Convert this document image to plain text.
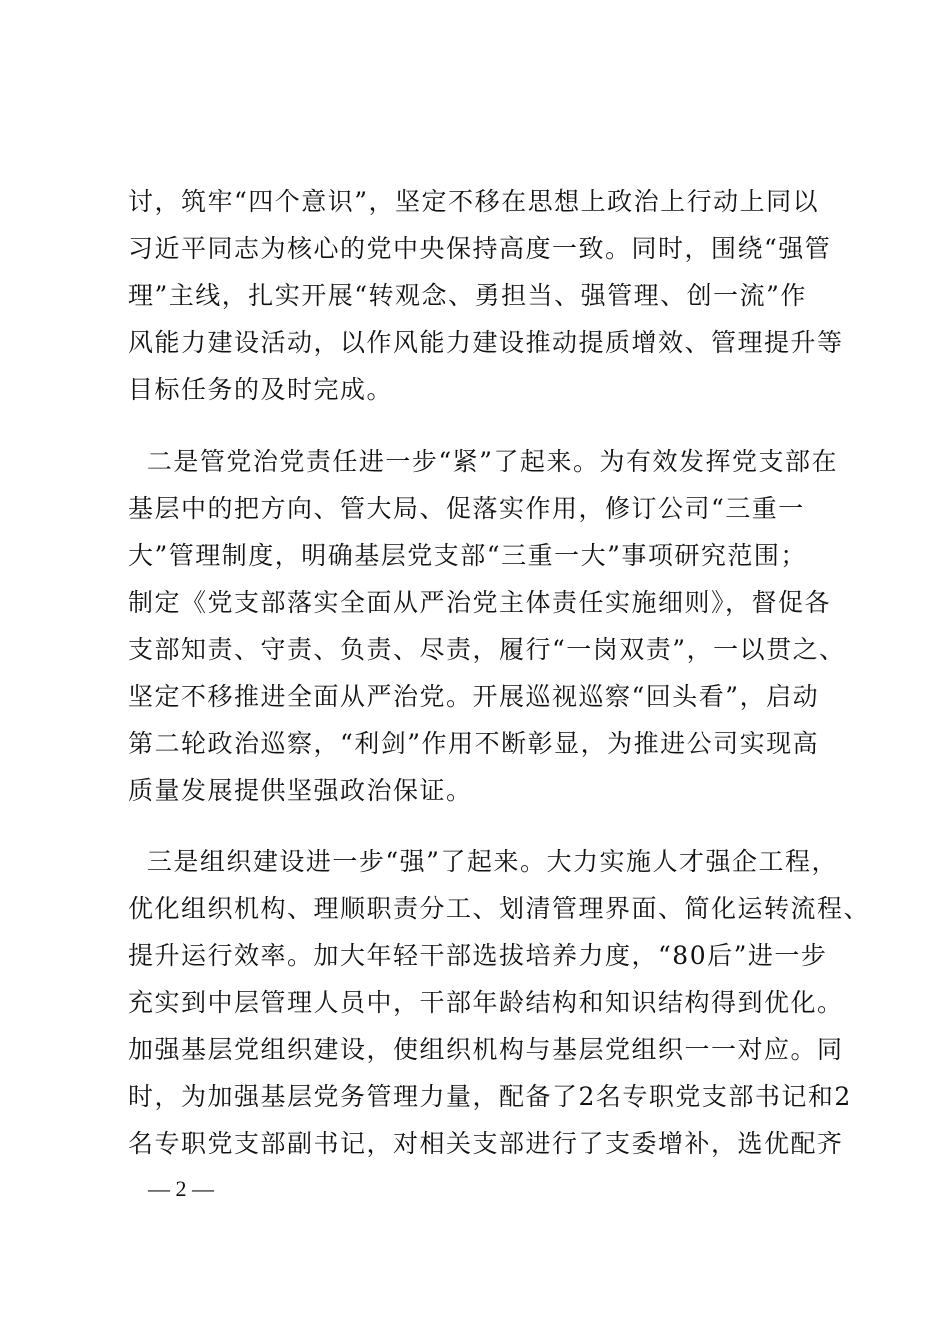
讨，筑牢“四个意识”，坚定不移在思想上政治上行动上同以
习近平同志为核心的党中央保持高度一致。同时，围绕“强管
理”主线，扎实开展“转观念、勇担当、强管理、创一流”作
风能力建设活动，以作风能力建设推动提质增效、管理提升等
目标任务的及时完成。
二是管党治党责任进一步“紧”了起来。为有效发挥党支部在
基层中的把方向、管大局、促落实作用，修订公司“三重一
大”管理制度，明确基层党支部“三重一大”事项研究范围；
制定《党支部落实全面从严治党主体责任实施细则》，督促各
支部知责、守责、负责、尽责，履行“一岗双责”，一以贯之、
坚定不移推进全面从严治党。开展巡视巡察“回头看”，启动
第二轮政治巡察，“利剑”作用不断彰显，为推进公司实现高
质量发展提供坚强政治保证。
三是组织建设进一步“强”了起来。大力实施人才强企工程，
优化组织机构、理顺职责分工、划清管理界面、简化运转流程、
提升运行效率。加大年轻干部选拔培养力度，“80后”进一步
充实到中层管理人员中，干部年龄结构和知识结构得到优化。
加强基层党组织建设，使组织机构与基层党组织一一对应。同
时，为加强基层党务管理力量，配备了2名专职党支部书记和2
名专职党支部副书记，对相关支部进行了支委增补，选优配齐
— 2 —
